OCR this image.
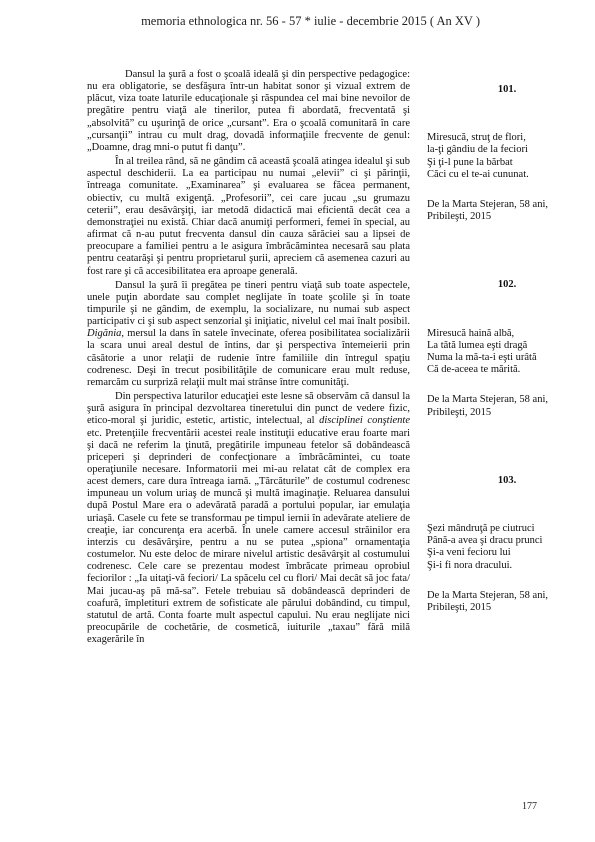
memoria ethnologica nr. 56 - 57 * iulie - decembrie 2015 ( An XV )

Dansul la şură a fost o şcoală ideală şi din perspective pedagogice: nu era obligatorie, se desfăşura într-un habitat sonor şi vizual extrem de plăcut, viza toate laturile educaţionale şi răspundea cel mai bine nevoilor de pregătire pentru viaţă ale tinerilor, putea fi abordată, frecventată şi „absolvită” cu uşurinţă de orice „cursant”. Era o şcoală comunitară în care „cursanţii” intrau cu mult drag, dovadă informaţiile frecvente de genul: „Doamne, drag mni-o putut fi danţu”.

În al treilea rând, să ne gândim că această şcoală atingea idealul şi sub aspectul deschiderii. La ea participau nu numai „elevii” ci şi părinţii, întreaga comunitate. „Examinarea” şi evaluarea se făcea permanent, obiectiv, cu multă exigenţă. „Profesorii”, cei care jucau „su grumazu ceterii”, erau desăvârşiţi, iar metodă didactică mai eficientă decât cea a demonstraţiei nu există. Chiar dacă anumiţi performeri, femei în special, au afirmat că n-au putut frecventa dansul din cauza sărăciei sau a lipsei de preocupare a familiei pentru a le asigura îmbrăcămintea necesară sau plata pentru ceatarăşi şi pentru proprietarul şurii, apreciem că asemenea cazuri au fost rare şi că accesibilitatea era aproape generală.

Dansul la şură îi pregătea pe tineri pentru viaţă sub toate aspectele, unele puţin abordate sau complet neglijate în toate şcolile şi în toate timpurile şi ne gândim, de exemplu, la socializare, nu numai sub aspect participativ ci şi sub aspect senzorial şi iniţiatic, nivelul cel mai înalt posibil. Digănia, mersul la dans în satele învecinate, oferea posibilitatea socializării la scara unui areal destul de întins, dar şi perspectiva întemeierii prin căsătorie a unor relaţii de rudenie între familiile din întregul spaţiu codrenesc. Deşi în trecut posibilităţile de comunicare erau mult reduse, remarcăm cu surpriză relaţii mult mai strânse între comunităţi.

Din perspectiva laturilor educaţiei este lesne să observăm că dansul la şură asigura în principal dezvoltarea tineretului din punct de vedere fizic, etico-moral şi juridic, estetic, artistic, intelectual, al disciplinei conştiente etc. Pretenţiile frecventării acestei reale instituţii educative erau foarte mari şi dacă ne referim la ţinută, pregătirile impuneau fetelor să dobândească priceperi şi deprinderi de confecţionare a îmbrăcămintei, cu toate operaţiunile necesare. Informatorii mei mi-au relatat cât de complex era acest demers, care dura întreaga iarnă. „Tărcăturile” de costumul codrenesc impuneau un volum uriaş de muncă şi multă imaginaţie. Reluarea dansului după Postul Mare era o adevărată paradă a portului popular, iar emulaţia uriaşă. Casele cu fete se transformau pe timpul iernii în adevărate ateliere de creaţie, iar concurenţa era acerbă. În unele camere accesul străinilor era interzis cu desăvârşire, pentru a nu se putea „spiona” ornamentaţia costumelor. Nu este deloc de mirare nivelul artistic desăvârşit al costumului codrenesc. Cele care se prezentau modest îmbrăcate primeau oprobiul feciorilor : „Ia uitaţi-vă feciori/ La spăcelu cel cu flori/ Mai decât să joc fata/ Mai jucau-aş pă mă-sa”. Fetele trebuiau să dobândească deprinderi de coafură, împletituri extrem de sofisticate ale părului dobândind, cu timpul, statutul de artă. Conta foarte mult aspectul capului. Nu erau neglijate nici preocupările de cochetărie, de cosmetică, iuiturile „taxau” fără milă exagerările în

101.
Miresucă, struţ de flori,
la-ţi gândiu de la feciori
Şi ţi-l pune la bărbat
Căci cu el te-ai cununat.
De la Marta Stejeran, 58 ani, Pribileşti, 2015
102.
Miresucă haină albă,
La tătă lumea eşti dragă
Numa la mă-ta-i eşti urâtă
Că de-aceea te mărită.
De la Marta Stejeran, 58 ani, Pribileşti, 2015
103.
Şezi mândruţă pe ciutruci
Până-a avea şi dracu prunci
Şi-a veni fecioru lui
Şi-i fi nora dracului.
De la Marta Stejeran, 58 ani, Pribileşti, 2015
177
